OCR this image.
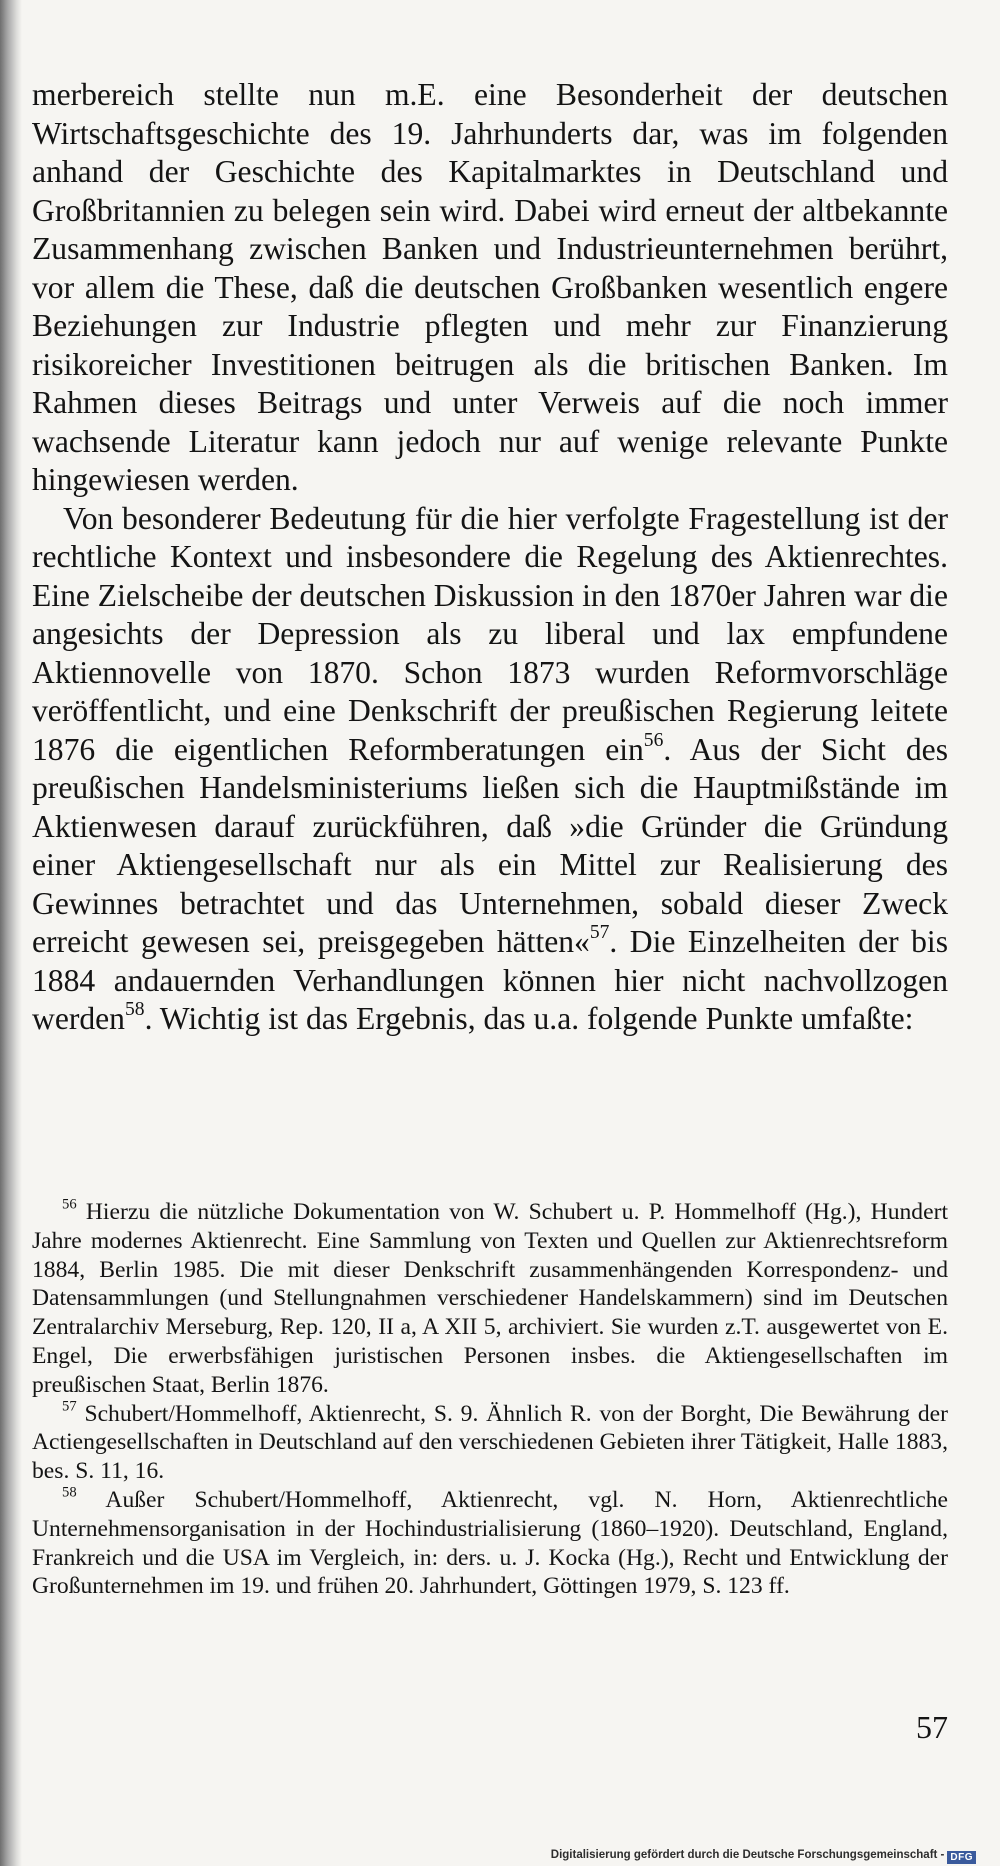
merbereich stellte nun m.E. eine Besonderheit der deutschen Wirtschaftsgeschichte des 19. Jahrhunderts dar, was im folgenden anhand der Geschichte des Kapitalmarktes in Deutschland und Großbritannien zu belegen sein wird. Dabei wird erneut der altbekannte Zusammenhang zwischen Banken und Industrieunternehmen berührt, vor allem die These, daß die deutschen Großbanken wesentlich engere Beziehungen zur Industrie pflegten und mehr zur Finanzierung risikoreicher Investitionen beitrugen als die britischen Banken. Im Rahmen dieses Beitrags und unter Verweis auf die noch immer wachsende Literatur kann jedoch nur auf wenige relevante Punkte hingewiesen werden.

Von besonderer Bedeutung für die hier verfolgte Fragestellung ist der rechtliche Kontext und insbesondere die Regelung des Aktienrechtes. Eine Zielscheibe der deutschen Diskussion in den 1870er Jahren war die angesichts der Depression als zu liberal und lax empfundene Aktiennovelle von 1870. Schon 1873 wurden Reformvorschläge veröffentlicht, und eine Denkschrift der preußischen Regierung leitete 1876 die eigentlichen Reformberatungen ein$^{56}$. Aus der Sicht des preußischen Handelsministeriums ließen sich die Hauptmißstände im Aktienwesen darauf zurückführen, daß »die Gründer die Gründung einer Aktiengesellschaft nur als ein Mittel zur Realisierung des Gewinnes betrachtet und das Unternehmen, sobald dieser Zweck erreicht gewesen sei, preisgegeben hätten«$^{57}$. Die Einzelheiten der bis 1884 andauernden Verhandlungen können hier nicht nachvollzogen werden$^{58}$. Wichtig ist das Ergebnis, das u.a. folgende Punkte umfaßte:

$^{56}$ Hierzu die nützliche Dokumentation von W. Schubert u. P. Hommelhoff (Hg.), Hundert Jahre modernes Aktienrecht. Eine Sammlung von Texten und Quellen zur Aktienrechtsreform 1884, Berlin 1985. Die mit dieser Denkschrift zusammenhängenden Korrespondenz- und Datensammlungen (und Stellungnahmen verschiedener Handelskammern) sind im Deutschen Zentralarchiv Merseburg, Rep. 120, II a, A XII 5, archiviert. Sie wurden z.T. ausgewertet von E. Engel, Die erwerbsfähigen juristischen Personen insbes. die Aktiengesellschaften im preußischen Staat, Berlin 1876.

$^{57}$ Schubert/Hommelhoff, Aktienrecht, S. 9. Ähnlich R. von der Borght, Die Bewährung der Actiengesellschaften in Deutschland auf den verschiedenen Gebieten ihrer Tätigkeit, Halle 1883, bes. S. 11, 16.

$^{58}$ Außer Schubert/Hommelhoff, Aktienrecht, vgl. N. Horn, Aktienrechtliche Unternehmensorganisation in der Hochindustrialisierung (1860–1920). Deutschland, England, Frankreich und die USA im Vergleich, in: ders. u. J. Kocka (Hg.), Recht und Entwicklung der Großunternehmen im 19. und frühen 20. Jahrhundert, Göttingen 1979, S. 123 ff.

57
Digitalisierung gefördert durch die Deutsche Forschungsgemeinschaft - DFG
